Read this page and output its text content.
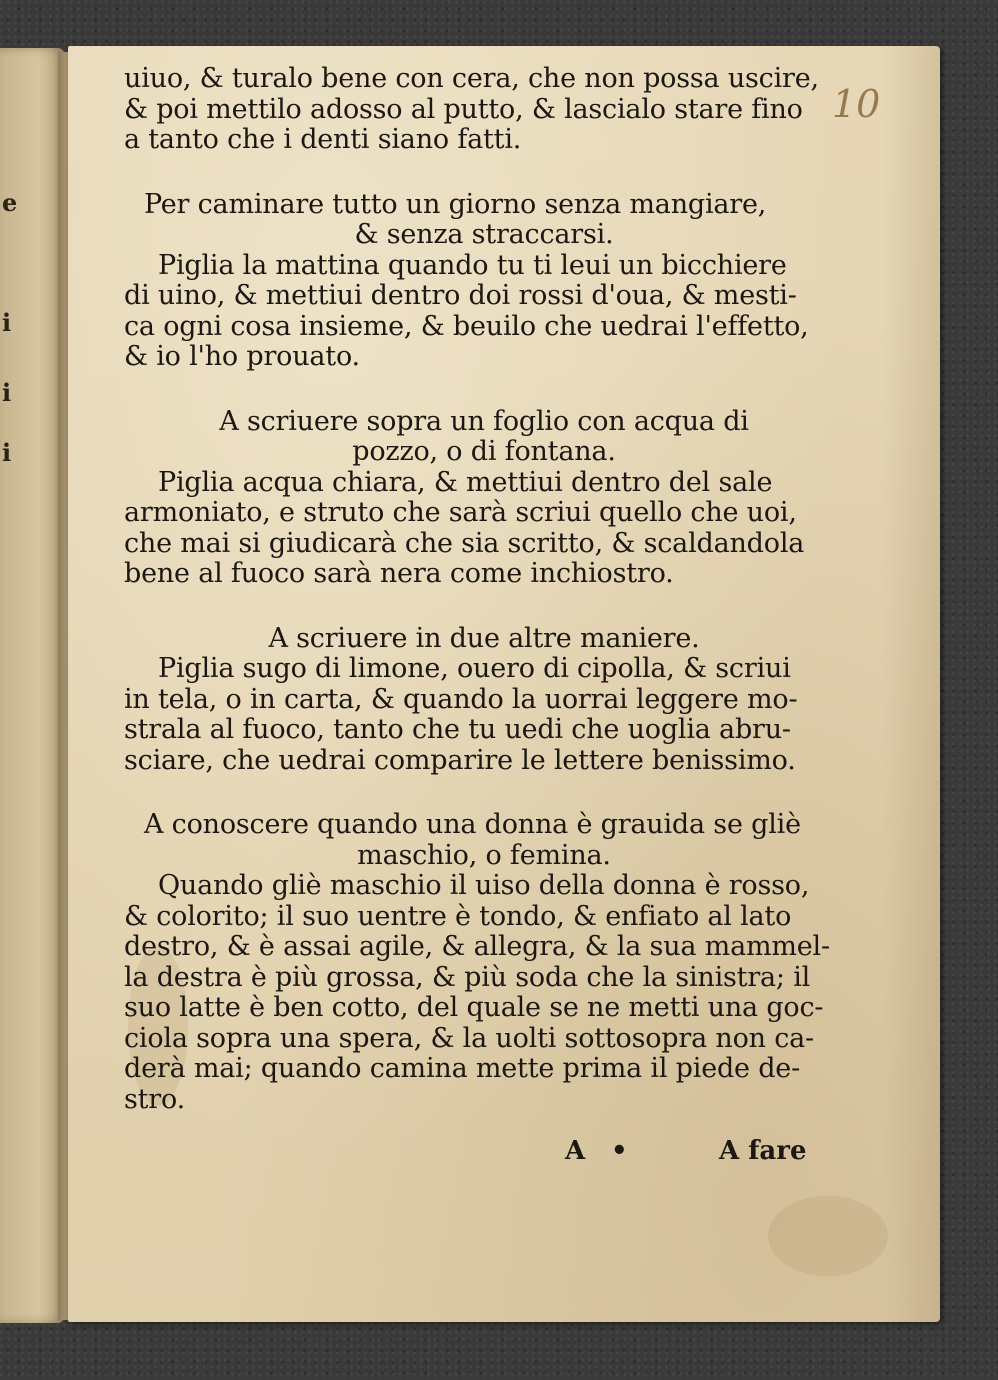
e
i
i
i
10
uiuo, & turalo bene con cera, che non possa uscire,
& poi mettilo adosso al putto, & lascialo stare fino
a tanto che i denti siano fatti.
Per caminare tutto un giorno senza mangiare,
& senza straccarsi.
Piglia la mattina quando tu ti leui un bicchiere
di uino, & mettiui dentro doi rossi d'oua, & mesti-
ca ogni cosa insieme, & beuilo che uedrai l'effetto,
& io l'ho prouato.
A scriuere sopra un foglio con acqua di
pozzo, o di fontana.
Piglia acqua chiara, & mettiui dentro del sale
armoniato, e struto che sarà scriui quello che uoi,
che mai si giudicarà che sia scritto, & scaldandola
bene al fuoco sarà nera come inchiostro.
A scriuere in due altre maniere.
Piglia sugo di limone, ouero di cipolla, & scriui
in tela, o in carta, & quando la uorrai leggere mo-
strala al fuoco, tanto che tu uedi che uoglia abru-
sciare, che uedrai comparire le lettere benissimo.
A conoscere quando una donna è grauida se gliè
maschio, o femina.
Quando gliè maschio il uiso della donna è rosso,
& colorito; il suo uentre è tondo, & enfiato al lato
destro, & è assai agile, & allegra, & la sua mammel-
la destra è più grossa, & più soda che la sinistra; il
suo latte è ben cotto, del quale se ne metti una goc-
ciola sopra una spera, & la uolti sottosopra non ca-
derà mai; quando camina mette prima il piede de-
stro.
A •	A fare
